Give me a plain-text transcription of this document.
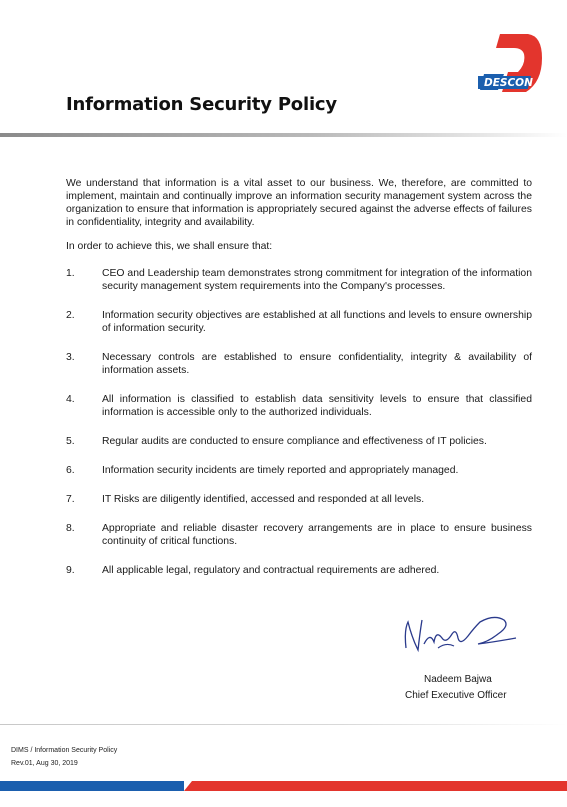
DESCON
Information Security Policy

We understand that information is a vital asset to our business. We, therefore, are committed to implement, maintain and continually improve an information security management system across the organization to ensure that information is appropriately secured against the adverse effects of failures in confidentiality, integrity and availability.

In order to achieve this, we shall ensure that:

1.	CEO and Leadership team demonstrates strong commitment for integration of the information security management system requirements into the Company's processes.
2.	Information security objectives are established at all functions and levels to ensure ownership of information security.
3.	Necessary controls are established to ensure confidentiality, integrity & availability of information assets.
4.	All information is classified to establish data sensitivity levels to ensure that classified information is accessible only to the authorized individuals.
5.	Regular audits are conducted to ensure compliance and effectiveness of IT policies.
6.	Information security incidents are timely reported and appropriately managed.
7.	IT Risks are diligently identified, accessed and responded at all levels.
8.	Appropriate and reliable disaster recovery arrangements are in place to ensure business continuity of critical functions.
9.	All applicable legal, regulatory and contractual requirements are adhered.

Nadeem Bajwa

Chief Executive Officer

DIMS / Information Security Policy

Rev.01, Aug 30, 2019
